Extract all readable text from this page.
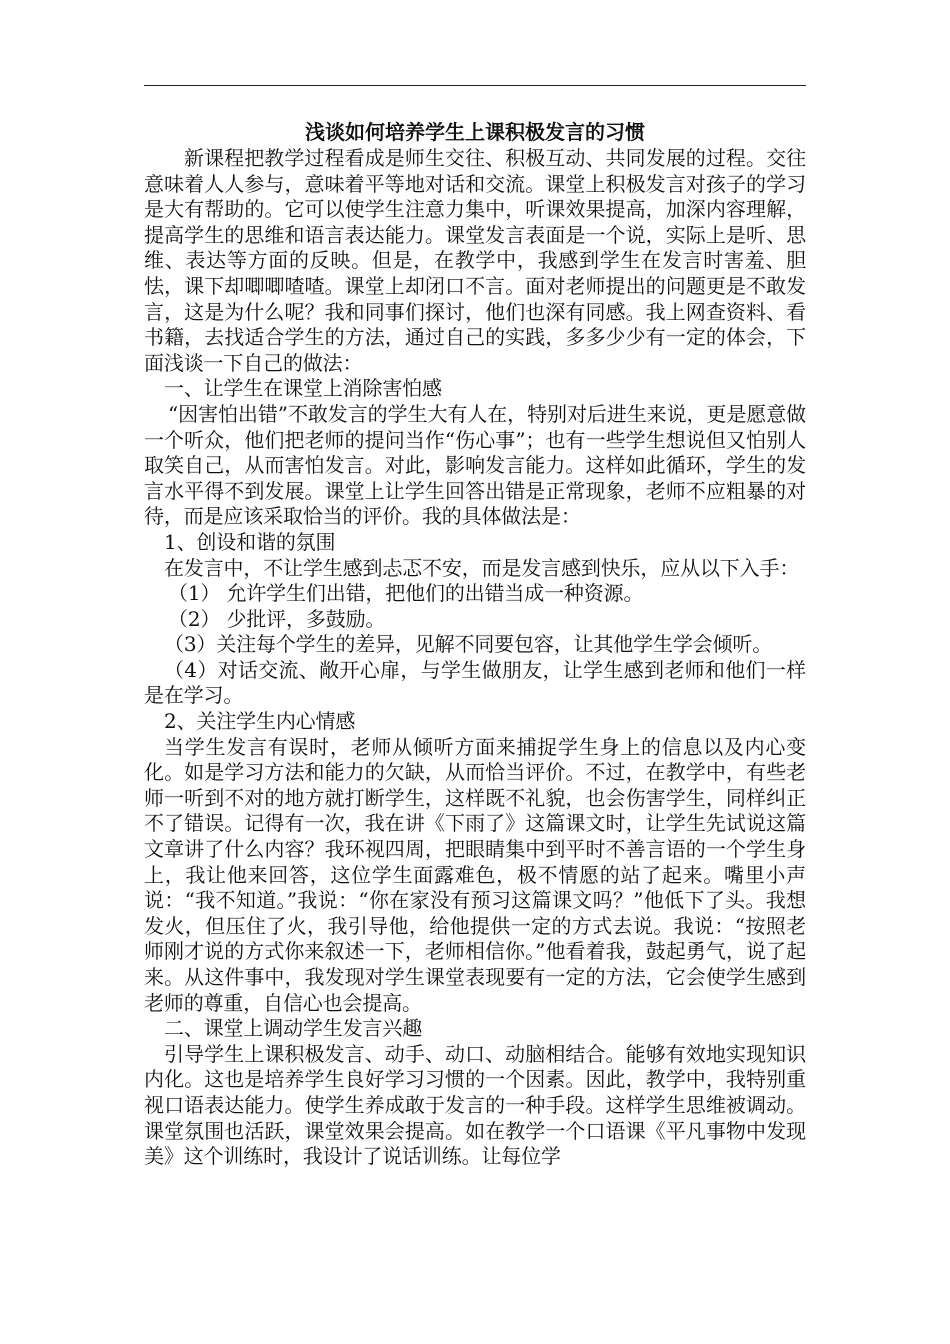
浅谈如何培养学生上课积极发言的习惯

新课程把教学过程看成是师生交往、积极互动、共同发展的过程。交往意味着人人参与，意味着平等地对话和交流。课堂上积极发言对孩子的学习是大有帮助的。它可以使学生注意力集中，听课效果提高，加深内容理解，提高学生的思维和语言表达能力。课堂发言表面是一个说，实际上是听、思维、表达等方面的反映。但是，在教学中，我感到学生在发言时害羞、胆怯，课下却唧唧喳喳。课堂上却闭口不言。面对老师提出的问题更是不敢发言，这是为什么呢？我和同事们探讨，他们也深有同感。我上网查资料、看书籍，去找适合学生的方法，通过自己的实践，多多少少有一定的体会，下面浅谈一下自己的做法：

一、让学生在课堂上消除害怕感

“因害怕出错”不敢发言的学生大有人在，特别对后进生来说，更是愿意做一个听众，他们把老师的提问当作“伤心事”；也有一些学生想说但又怕别人取笑自己，从而害怕发言。对此，影响发言能力。这样如此循环，学生的发言水平得不到发展。课堂上让学生回答出错是正常现象，老师不应粗暴的对待，而是应该采取恰当的评价。我的具体做法是：

1、创设和谐的氛围

在发言中，不让学生感到忐忑不安，而是发言感到快乐，应从以下入手：

（1） 允许学生们出错，把他们的出错当成一种资源。

（2） 少批评，多鼓励。

（3）关注每个学生的差异，见解不同要包容，让其他学生学会倾听。

（4）对话交流、敞开心扉，与学生做朋友，让学生感到老师和他们一样是在学习。

2、关注学生内心情感

当学生发言有误时，老师从倾听方面来捕捉学生身上的信息以及内心变化。如是学习方法和能力的欠缺，从而恰当评价。不过，在教学中，有些老师一听到不对的地方就打断学生，这样既不礼貌，也会伤害学生，同样纠正不了错误。记得有一次，我在讲《下雨了》这篇课文时，让学生先试说这篇文章讲了什么内容？我环视四周，把眼睛集中到平时不善言语的一个学生身上，我让他来回答，这位学生面露难色，极不情愿的站了起来。嘴里小声说：“我不知道。”我说：“你在家没有预习这篇课文吗？”他低下了头。我想发火，但压住了火，我引导他，给他提供一定的方式去说。我说：“按照老师刚才说的方式你来叙述一下，老师相信你。”他看着我，鼓起勇气，说了起来。从这件事中，我发现对学生课堂表现要有一定的方法，它会使学生感到老师的尊重，自信心也会提高。

二、课堂上调动学生发言兴趣

引导学生上课积极发言、动手、动口、动脑相结合。能够有效地实现知识内化。这也是培养学生良好学习习惯的一个因素。因此，教学中，我特别重视口语表达能力。使学生养成敢于发言的一种手段。这样学生思维被调动。课堂氛围也活跃，课堂效果会提高。如在教学一个口语课《平凡事物中发现美》这个训练时，我设计了说话训练。让每位学
